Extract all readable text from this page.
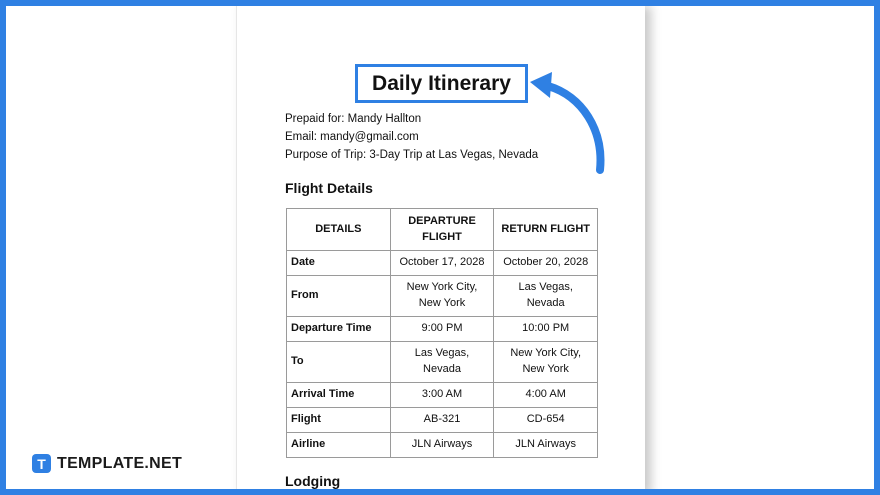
Daily Itinerary
Prepaid for: Mandy Hallton
Email: mandy@gmail.com
Purpose of Trip: 3-Day Trip at Las Vegas, Nevada
Flight Details
DETAILS	DEPARTURE FLIGHT	RETURN FLIGHT
Date	October 17, 2028	October 20, 2028
From	New York City, New York	Las Vegas, Nevada
Departure Time	9:00 PM	10:00 PM
To	Las Vegas, Nevada	New York City, New York
Arrival Time	3:00 AM	4:00 AM
Flight	AB-321	CD-654
Airline	JLN Airways	JLN Airways
Lodging
T TEMPLATE.NET
